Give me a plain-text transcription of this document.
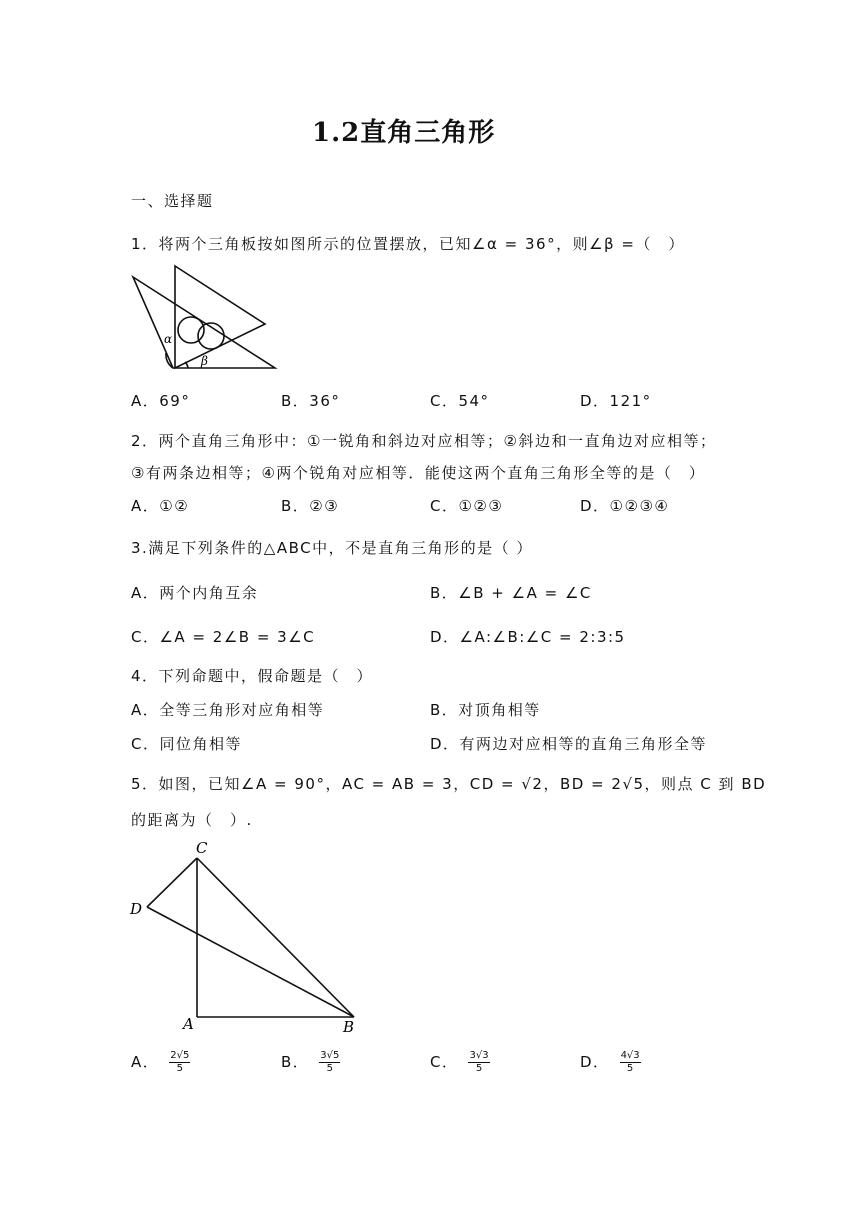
1.2直角三角形
一、选择题
1．将两个三角板按如图所示的位置摆放，已知∠α = 36°，则∠β =（　）
α
β
A．69°	B．36°	C．54°	D．121°
2．两个直角三角形中：①一锐角和斜边对应相等；②斜边和一直角边对应相等；
③有两条边相等；④两个锐角对应相等．能使这两个直角三角形全等的是（　）
A．①②	B．②③	C．①②③	D．①②③④
3.满足下列条件的△ABC中，不是直角三角形的是（ ）
A．两个内角互余	B．∠B + ∠A = ∠C
C．∠A = 2∠B = 3∠C	D．∠A:∠B:∠C = 2:3:5
4．下列命题中，假命题是（　）
A．全等三角形对应角相等	B．对顶角相等
C．同位角相等	D．有两边对应相等的直角三角形全等
5．如图，已知∠A = 90°，AC = AB = 3，CD = √2，BD = 2√5，则点 C 到 BD
的距离为（　）.
C
D
A	B
A． $\frac{2√5}{5}$	B． $\frac{3√5}{5}$	C． $\frac{3√3}{5}$	D． $\frac{4√3}{5}$
